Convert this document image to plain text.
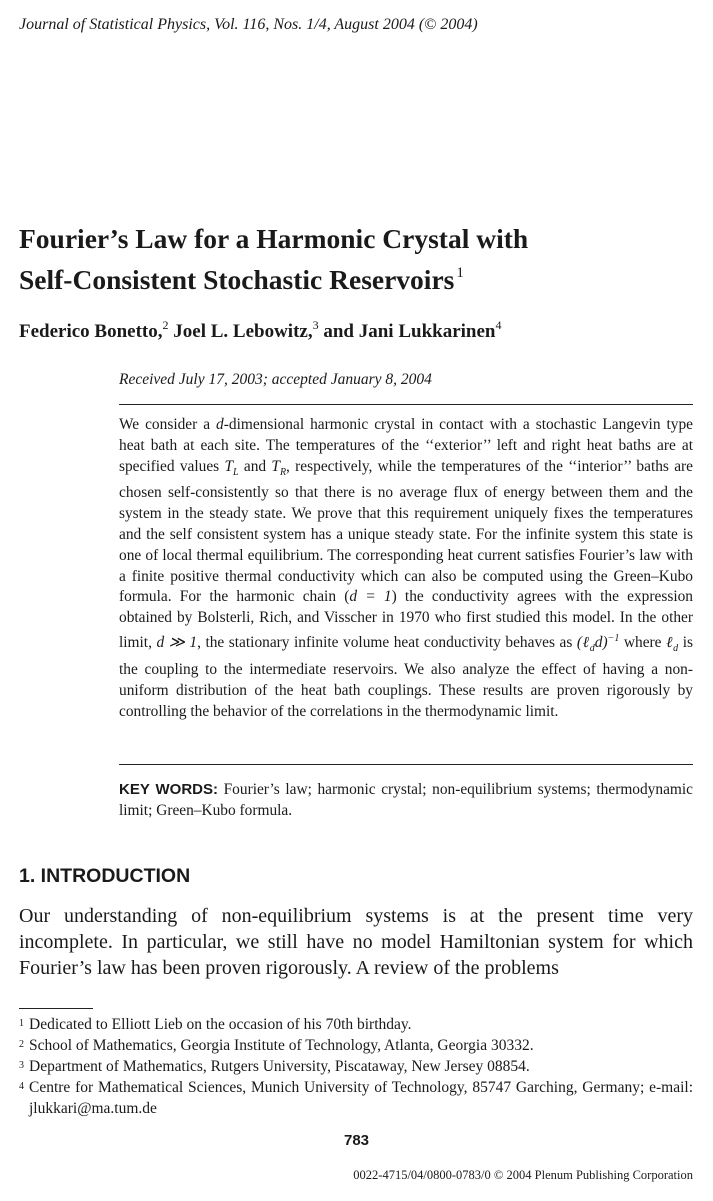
Journal of Statistical Physics, Vol. 116, Nos. 1/4, August 2004 (© 2004)
Fourier’s Law for a Harmonic Crystal with
Self-Consistent Stochastic Reservoirs $^1$
Federico Bonetto,$^2$ Joel L. Lebowitz,$^3$ and Jani Lukkarinen$^4$
Received July 17, 2003; accepted January 8, 2004
We consider a d-dimensional harmonic crystal in contact with a stochastic Langevin type heat bath at each site. The temperatures of the ‘‘exterior’’ left and right heat baths are at specified values $T_L$ and $T_R$, respectively, while the temperatures of the ‘‘interior’’ baths are chosen self-consistently so that there is no average flux of energy between them and the system in the steady state. We prove that this requirement uniquely fixes the temperatures and the self consistent system has a unique steady state. For the infinite system this state is one of local thermal equilibrium. The corresponding heat current satisfies Fourier’s law with a finite positive thermal conductivity which can also be computed using the Green–Kubo formula. For the harmonic chain (d = 1) the conductivity agrees with the expression obtained by Bolsterli, Rich, and Visscher in 1970 who first studied this model. In the other limit, d ≫ 1, the stationary infinite volume heat conductivity behaves as (ℓ$_d$d)$^{-1}$ where ℓ$_d$ is the coupling to the intermediate reservoirs. We also analyze the effect of having a non-uniform distribution of the heat bath couplings. These results are proven rigorously by controlling the behavior of the correlations in the thermodynamic limit.
KEY WORDS: Fourier’s law; harmonic crystal; non-equilibrium systems; thermodynamic limit; Green–Kubo formula.
1. INTRODUCTION
Our understanding of non-equilibrium systems is at the present time very incomplete. In particular, we still have no model Hamiltonian system for which Fourier’s law has been proven rigorously. A review of the problems
1 Dedicated to Elliott Lieb on the occasion of his 70th birthday.
2 School of Mathematics, Georgia Institute of Technology, Atlanta, Georgia 30332.
3 Department of Mathematics, Rutgers University, Piscataway, New Jersey 08854.
4 Centre for Mathematical Sciences, Munich University of Technology, 85747 Garching, Germany; e-mail: jlukkari@ma.tum.de
783
0022-4715/04/0800-0783/0 © 2004 Plenum Publishing Corporation
